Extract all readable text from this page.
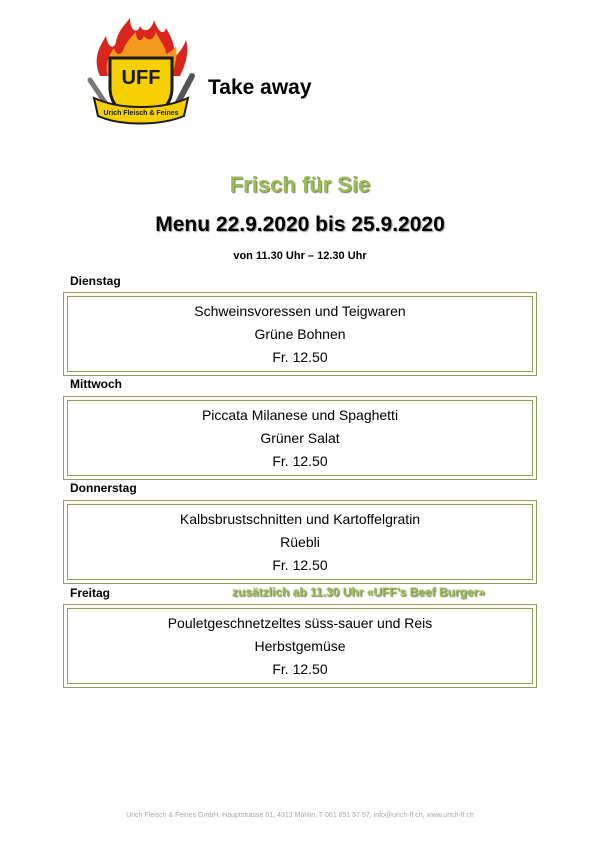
UFF
Urich Fleisch & Feines
Take away
Frisch für Sie
Menu 22.9.2020 bis 25.9.2020
von 11.30 Uhr – 12.30 Uhr
Dienstag
Schweinsvoressen und Teigwaren
Grüne Bohnen
Fr. 12.50
Mittwoch
Piccata Milanese und Spaghetti
Grüner Salat
Fr. 12.50
Donnerstag
Kalbsbrustschnitten und Kartoffelgratin
Rüebli
Fr. 12.50
Freitag	zusätzlich ab 11.30 Uhr «UFF’s Beef Burger»
Pouletgeschnetzeltes süss-sauer und Reis
Herbstgemüse
Fr. 12.50
Urich Fleisch & Feines GmbH, Hauptstrasse 61, 4313 Möhlin, T 061 851 57 57, info@urich-ff.ch, www.urich-ff.ch
